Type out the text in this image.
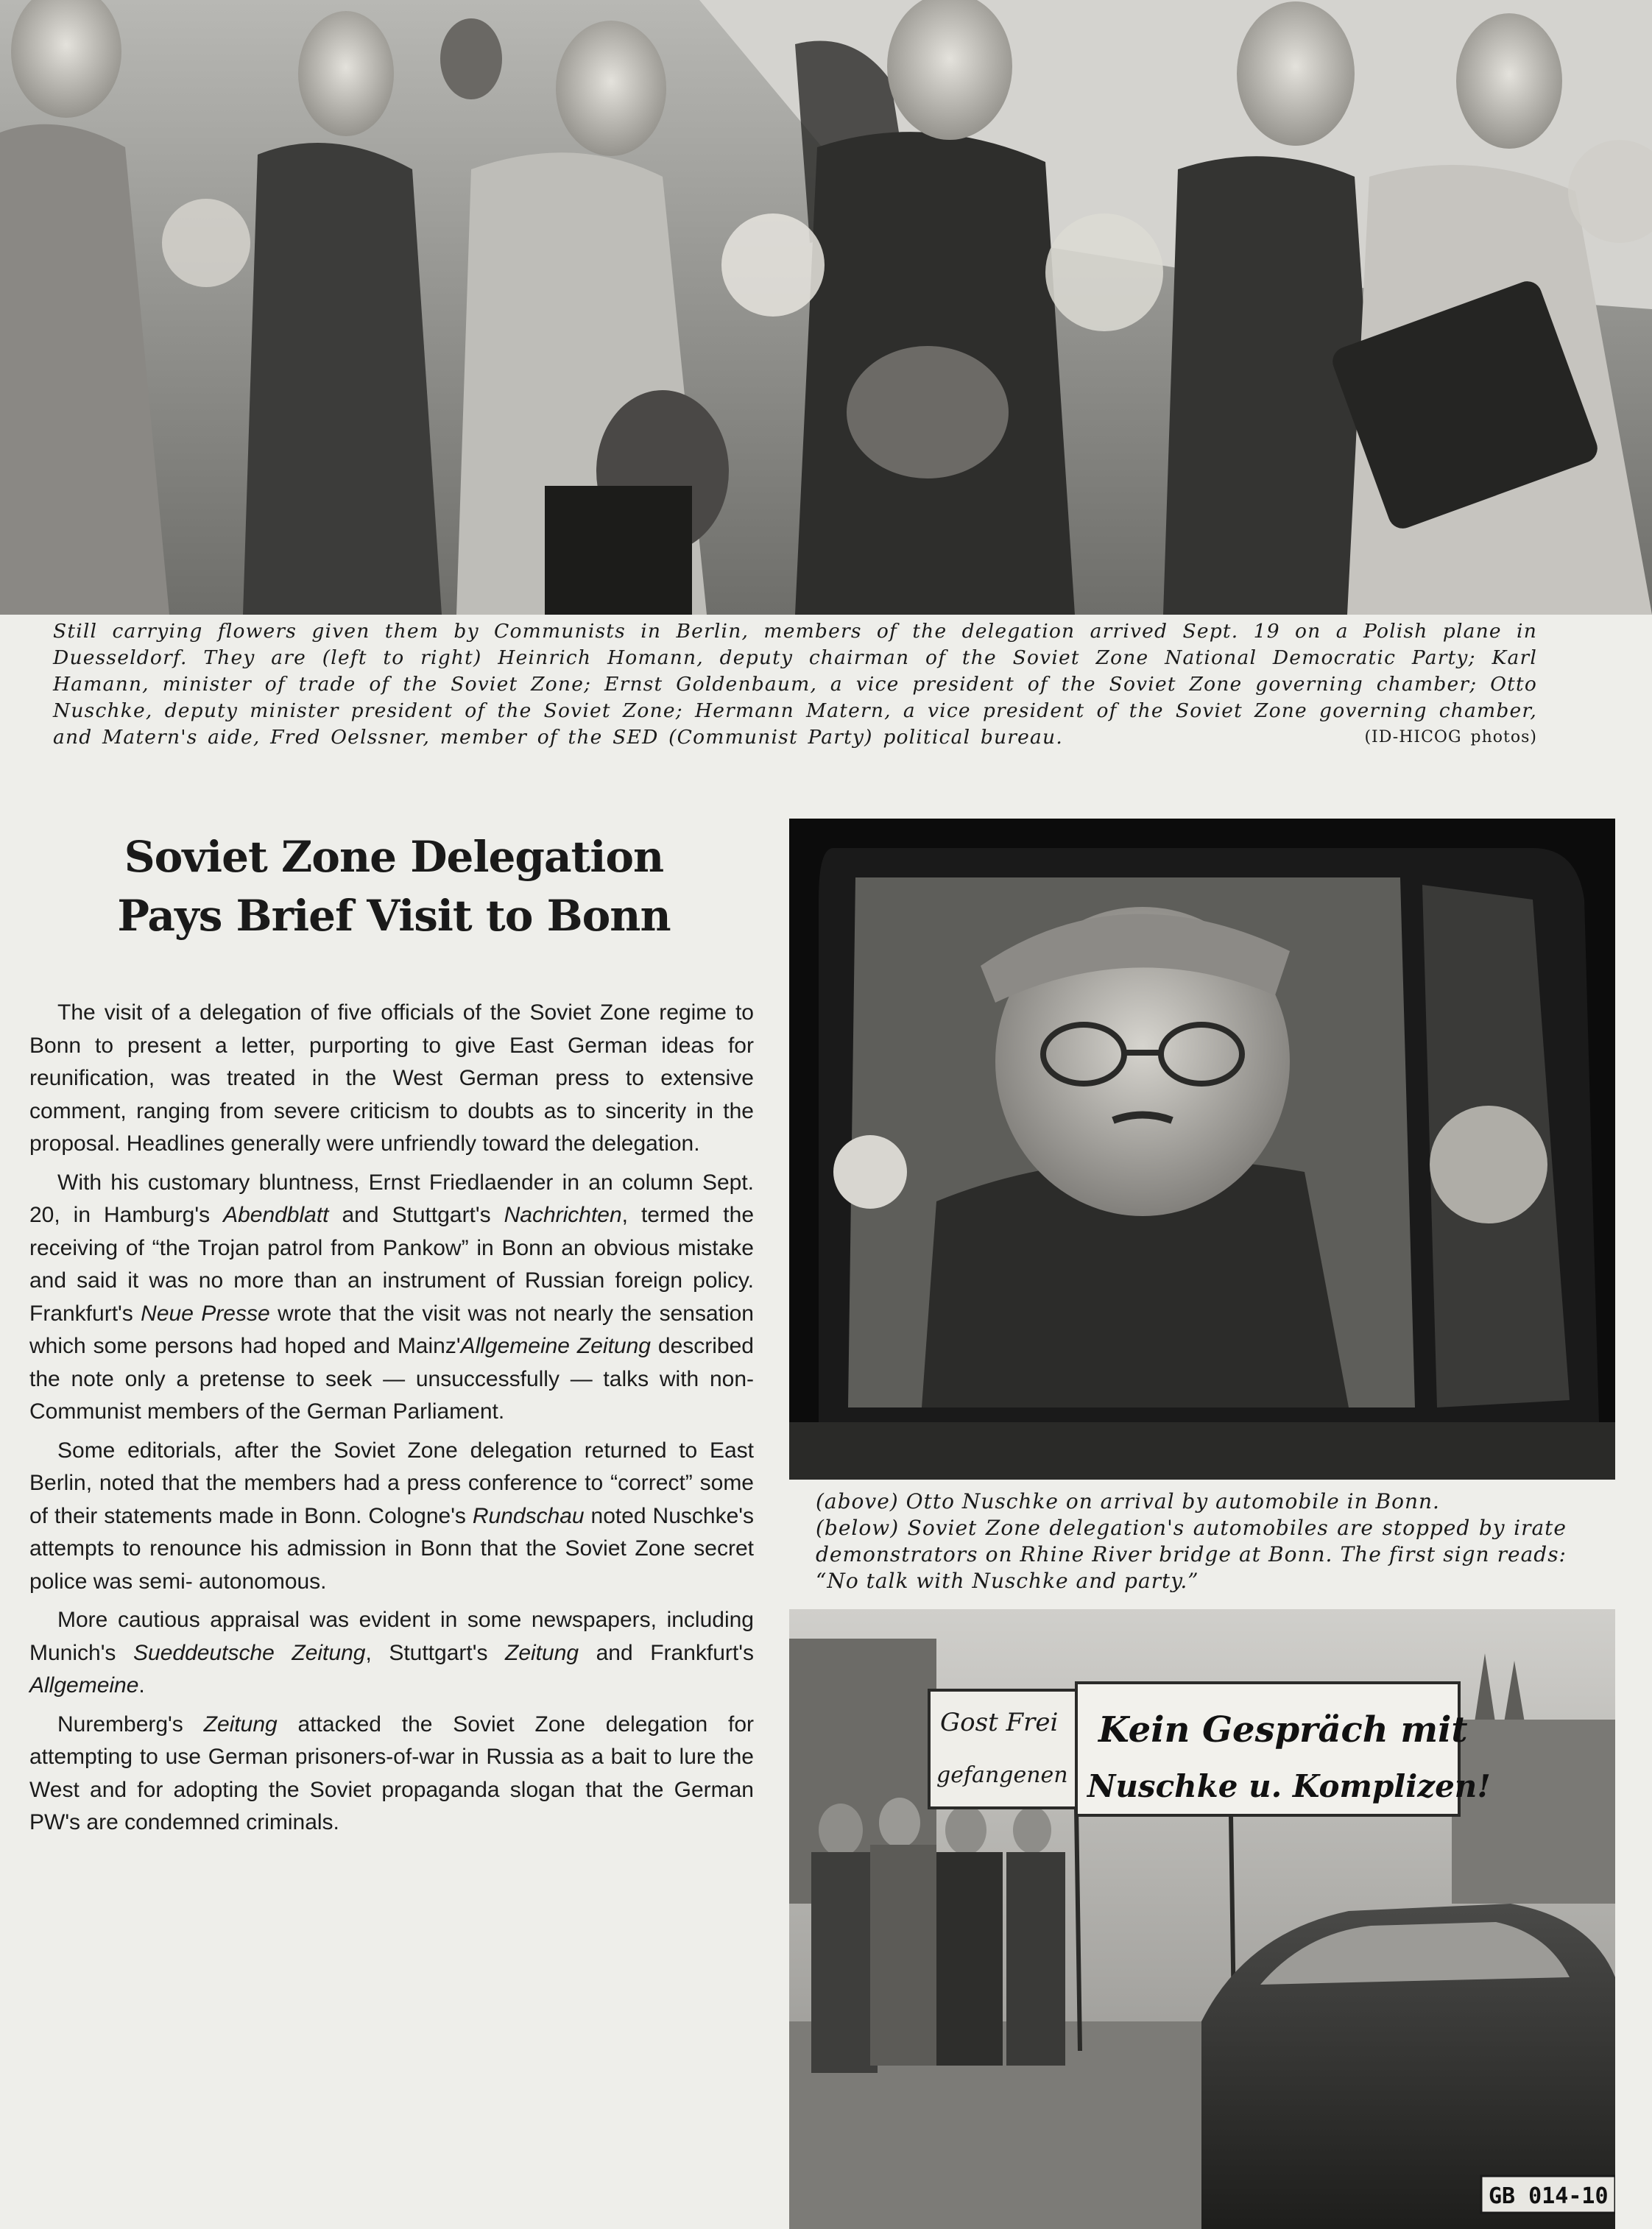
Still carrying flowers given them by Communists in Berlin, members of the delegation arrived Sept. 19 on a Polish plane in Duesseldorf. They are (left to right) Heinrich Homann, deputy chairman of the Soviet Zone National Democratic Party; Karl Hamann, minister of trade of the Soviet Zone; Ernst Goldenbaum, a vice president of the Soviet Zone governing chamber; Otto Nuschke, deputy minister president of the Soviet Zone; Hermann Matern, a vice president of the Soviet Zone governing chamber, and Matern's aide, Fred Oelssner, member of the SED (Communist Party) political bureau.	(ID-HICOG photos)
Soviet Zone Delegation
Pays Brief Visit to Bonn

(above) Otto Nuschke on arrival by automobile in Bonn.

(below) Soviet Zone delegation's automobiles are stopped by irate demonstrators on Rhine River bridge at Bonn. The first sign reads: “No talk with Nuschke and party.”

Gost Frei
gefangenen
Kein Gespräch mit
Nuschke u. Komplizen!
GB 014-10

The visit of a delegation of five officials of the Soviet Zone regime to Bonn to present a letter, purporting to give East German ideas for reunification, was treated in the West German press to extensive comment, ranging from severe criticism to doubts as to sincerity in the proposal. Headlines generally were unfriendly toward the delegation.

With his customary bluntness, Ernst Friedlaender in an column Sept. 20, in Hamburg's Abendblatt and Stuttgart's Nachrichten, termed the receiving of “the Trojan patrol from Pankow” in Bonn an obvious mistake and said it was no more than an instrument of Russian foreign policy. Frankfurt's Neue Presse wrote that the visit was not nearly the sensation which some persons had hoped and Mainz'Allgemeine Zeitung described the note only a pretense to seek — unsuccessfully — talks with non-Communist members of the German Parliament.

Some editorials, after the Soviet Zone delegation returned to East Berlin, noted that the members had a press conference to “correct” some of their statements made in Bonn. Cologne's Rundschau noted Nuschke's attempts to renounce his admission in Bonn that the Soviet Zone secret police was semi- autonomous.

More cautious appraisal was evident in some newspapers, including Munich's Sueddeutsche Zeitung, Stuttgart's Zeitung and Frankfurt's Allgemeine.

Nuremberg's Zeitung attacked the Soviet Zone delegation for attempting to use German prisoners-of-war in Russia as a bait to lure the West and for adopting the Soviet propaganda slogan that the German PW's are condemned criminals.
